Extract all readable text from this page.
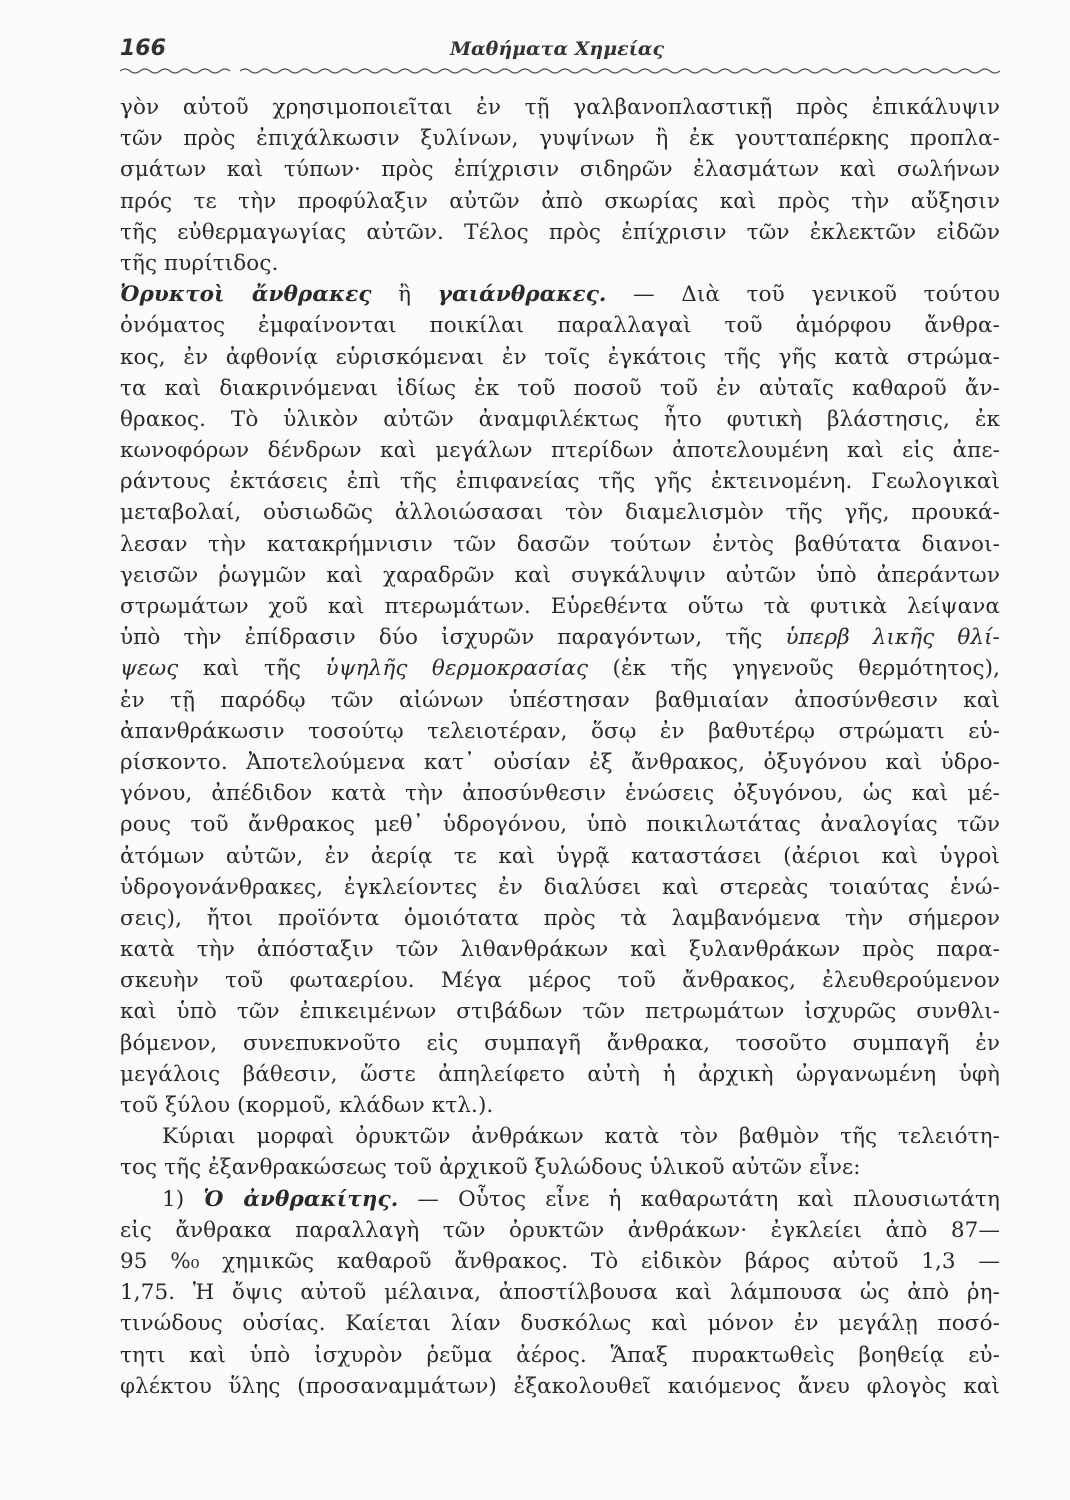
166	Μαθήματα Χημείας
γὸν αὐτοῦ χρησιμοποιεῖται ἐν τῇ γαλβανοπλαστικῇ πρὸς ἐπικάλυψιν
τῶν πρὸς ἐπιχάλκωσιν ξυλίνων, γυψίνων ἢ ἐκ γουτταπέρκης προπλα-
σμάτων καὶ τύπων· πρὸς ἐπίχρισιν σιδηρῶν ἐλασμάτων καὶ σωλήνων
πρός τε τὴν προφύλαξιν αὐτῶν ἀπὸ σκωρίας καὶ πρὸς τὴν αὔξησιν
τῆς εὐθερμαγωγίας αὐτῶν. Τέλος πρὸς ἐπίχρισιν τῶν ἐκλεκτῶν εἰδῶν
τῆς πυρίτιδος.
Ὀρυκτοὶ ἄνθρακες ἢ γαιάνθρακες. — Διὰ τοῦ γενικοῦ τούτου
ὀνόματος ἐμφαίνονται ποικίλαι παραλλαγαὶ τοῦ ἀμόρφου ἄνθρα-
κος, ἐν ἀφθονίᾳ εὑρισκόμεναι ἐν τοῖς ἐγκάτοις τῆς γῆς κατὰ στρώμα-
τα καὶ διακρινόμεναι ἰδίως ἐκ τοῦ ποσοῦ τοῦ ἐν αὐταῖς καθαροῦ ἄν-
θρακος. Τὸ ὑλικὸν αὐτῶν ἀναμφιλέκτως ἦτο φυτικὴ βλάστησις, ἐκ
κωνοφόρων δένδρων καὶ μεγάλων πτερίδων ἀποτελουμένη καὶ εἰς ἀπε-
ράντους ἐκτάσεις ἐπὶ τῆς ἐπιφανείας τῆς γῆς ἐκτεινομένη. Γεωλογικαὶ
μεταβολαί, οὐσιωδῶς ἀλλοιώσασαι τὸν διαμελισμὸν τῆς γῆς, προυκά-
λεσαν τὴν κατακρήμνισιν τῶν δασῶν τούτων ἐντὸς βαθύτατα διανοι-
γεισῶν ῥωγμῶν καὶ χαραδρῶν καὶ συγκάλυψιν αὐτῶν ὑπὸ ἀπεράντων
στρωμάτων χοῦ καὶ πτερωμάτων. Εὑρεθέντα οὕτω τὰ φυτικὰ λείψανα
ὑπὸ τὴν ἐπίδρασιν δύο ἰσχυρῶν παραγόντων, τῆς ὑπερβ λικῆς θλί-
ψεως καὶ τῆς ὑψηλῆς θερμοκρασίας (ἐκ τῆς γηγενοῦς θερμότητος),
ἐν τῇ παρόδῳ τῶν αἰώνων ὑπέστησαν βαθμιαίαν ἀποσύνθεσιν καὶ
ἀπανθράκωσιν τοσούτῳ τελειοτέραν, ὅσῳ ἐν βαθυτέρῳ στρώματι εὑ-
ρίσκοντο. Ἀποτελούμενα κατ᾽ οὐσίαν ἐξ ἄνθρακος, ὀξυγόνου καὶ ὑδρο-
γόνου, ἀπέδιδον κατὰ τὴν ἀποσύνθεσιν ἑνώσεις ὀξυγόνου, ὡς καὶ μέ-
ρους τοῦ ἄνθρακος μεθ᾽ ὑδρογόνου, ὑπὸ ποικιλωτάτας ἀναλογίας τῶν
ἀτόμων αὐτῶν, ἐν ἀερίᾳ τε καὶ ὑγρᾷ καταστάσει (ἀέριοι καὶ ὑγροὶ
ὑδρογονάνθρακες, ἐγκλείοντες ἐν διαλύσει καὶ στερεὰς τοιαύτας ἑνώ-
σεις), ἤτοι προϊόντα ὁμοιότατα πρὸς τὰ λαμβανόμενα τὴν σήμερον
κατὰ τὴν ἀπόσταξιν τῶν λιθανθράκων καὶ ξυλανθράκων πρὸς παρα-
σκευὴν τοῦ φωταερίου. Μέγα μέρος τοῦ ἄνθρακος, ἐλευθερούμενον
καὶ ὑπὸ τῶν ἐπικειμένων στιβάδων τῶν πετρωμάτων ἰσχυρῶς συνθλι-
βόμενον, συνεπυκνοῦτο εἰς συμπαγῆ ἄνθρακα, τοσοῦτο συμπαγῆ ἐν
μεγάλοις βάθεσιν, ὥστε ἀπηλείφετο αὐτὴ ἡ ἀρχικὴ ὠργανωμένη ὑφὴ
τοῦ ξύλου (κορμοῦ, κλάδων κτλ.).
Κύριαι μορφαὶ ὀρυκτῶν ἀνθράκων κατὰ τὸν βαθμὸν τῆς τελειότη-
τος τῆς ἐξανθρακώσεως τοῦ ἀρχικοῦ ξυλώδους ὑλικοῦ αὐτῶν εἶνε:
1) Ὁ ἀνθρακίτης. — Οὗτος εἶνε ἡ καθαρωτάτη καὶ πλουσιωτάτη
εἰς ἄνθρακα παραλλαγὴ τῶν ὀρυκτῶν ἀνθράκων· ἐγκλείει ἀπὸ 87—
95 %₀ χημικῶς καθαροῦ ἄνθρακος. Τὸ εἰδικὸν βάρος αὐτοῦ 1,3 —
1,75. Ἡ ὄψις αὐτοῦ μέλαινα, ἀποστίλβουσα καὶ λάμπουσα ὡς ἀπὸ ῥη-
τινώδους οὐσίας. Καίεται λίαν δυσκόλως καὶ μόνον ἐν μεγάλῃ ποσό-
τητι καὶ ὑπὸ ἰσχυρὸν ῥεῦμα ἀέρος. Ἅπαξ πυρακτωθεὶς βοηθείᾳ εὐ-
φλέκτου ὕλης (προσαναμμάτων) ἐξακολουθεῖ καιόμενος ἄνευ φλογὸς καὶ
